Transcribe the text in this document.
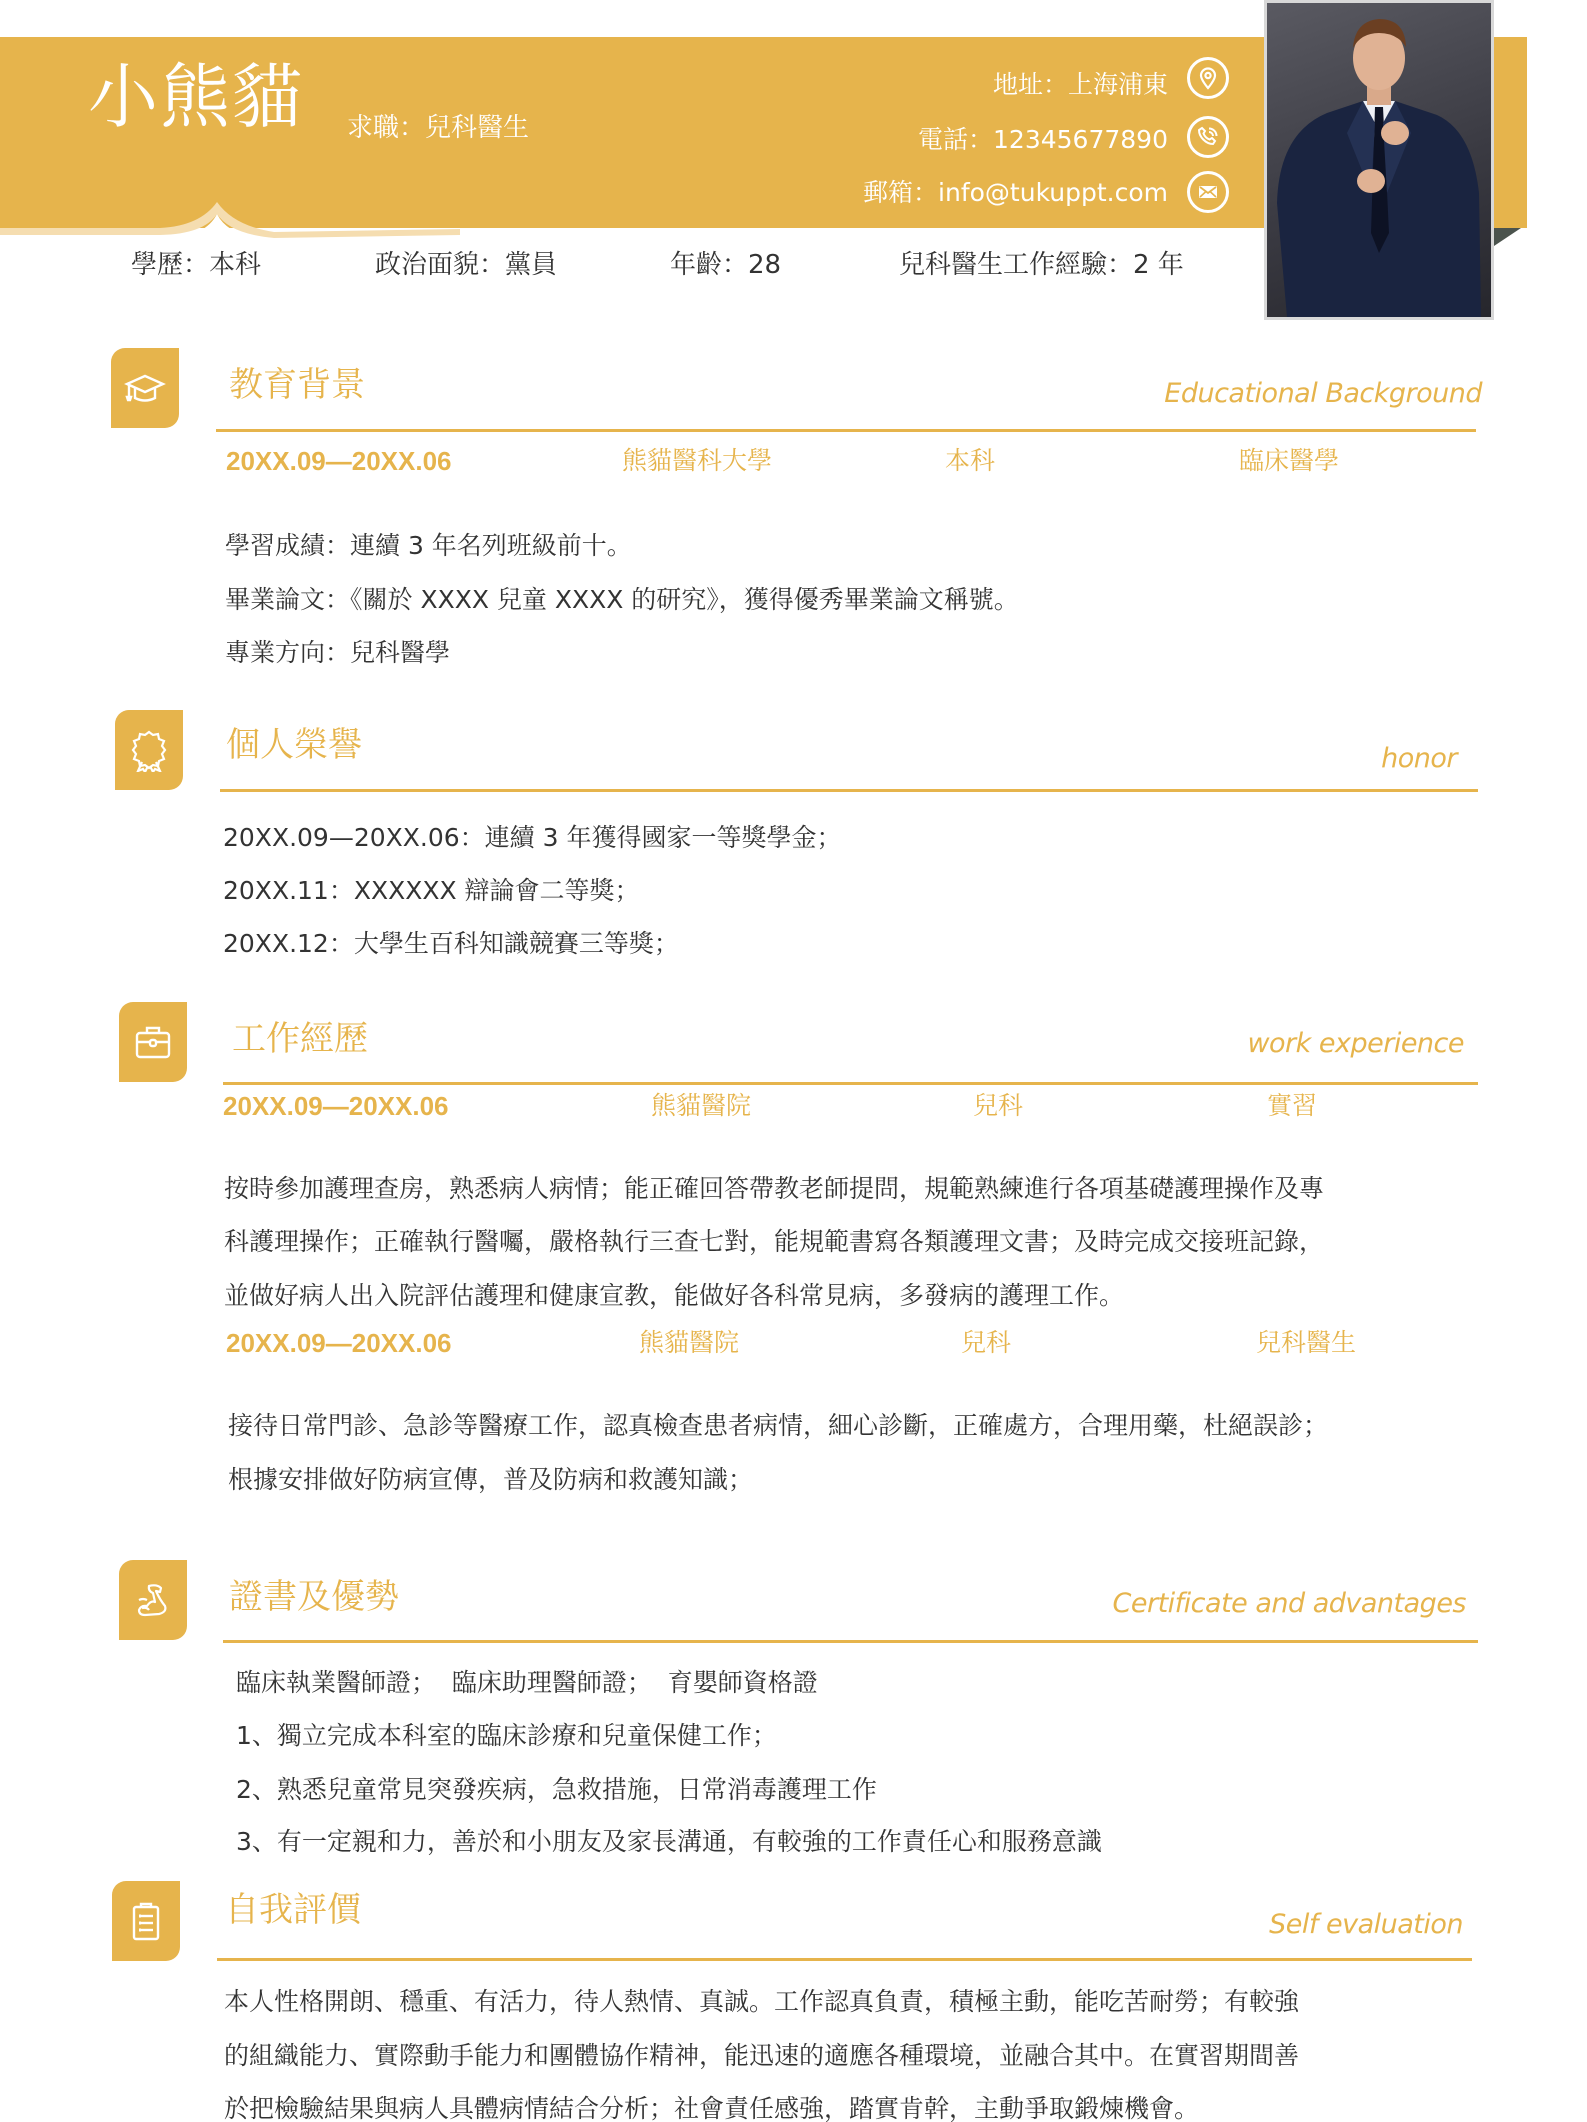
小熊貓 求職：兒科醫生
地址：上海浦東
電話：12345677890
郵箱：info@tukuppt.com
學歷：本科	政治面貌：黨員	年齡：28	兒科醫生工作經驗：2 年
教育背景	Educational Background
20XX.09—20XX.06	熊貓醫科大學	本科	臨床醫學
學習成績：連續 3 年名列班級前十。
畢業論文：《關於 XXXX 兒童 XXXX 的研究》，獲得優秀畢業論文稱號。
專業方向：兒科醫學
個人榮譽	honor
20XX.09—20XX.06：連續 3 年獲得國家一等獎學金；
20XX.11：XXXXXX 辯論會二等獎；
20XX.12：大學生百科知識競賽三等獎；
工作經歷	work experience
20XX.09—20XX.06	熊貓醫院	兒科	實習
按時參加護理查房，熟悉病人病情；能正確回答帶教老師提問，規範熟練進行各項基礎護理操作及專
科護理操作；正確執行醫囑，嚴格執行三查七對，能規範書寫各類護理文書；及時完成交接班記錄，
並做好病人出入院評估護理和健康宣教，能做好各科常見病，多發病的護理工作。
20XX.09—20XX.06	熊貓醫院	兒科	兒科醫生
接待日常門診、急診等醫療工作，認真檢查患者病情，細心診斷，正確處方，合理用藥，杜絕誤診；
根據安排做好防病宣傳，普及防病和救護知識；
證書及優勢	Certificate and advantages
臨床執業醫師證；  臨床助理醫師證；  育嬰師資格證
1、獨立完成本科室的臨床診療和兒童保健工作；
2、熟悉兒童常見突發疾病，急救措施，日常消毒護理工作
3、有一定親和力，善於和小朋友及家長溝通，有較強的工作責任心和服務意識
自我評價	Self evaluation
本人性格開朗、穩重、有活力，待人熱情、真誠。工作認真負責，積極主動，能吃苦耐勞；有較強
的組織能力、實際動手能力和團體協作精神，能迅速的適應各種環境，並融合其中。在實習期間善
於把檢驗結果與病人具體病情結合分析；社會責任感強，踏實肯幹，主動爭取鍛煉機會。
